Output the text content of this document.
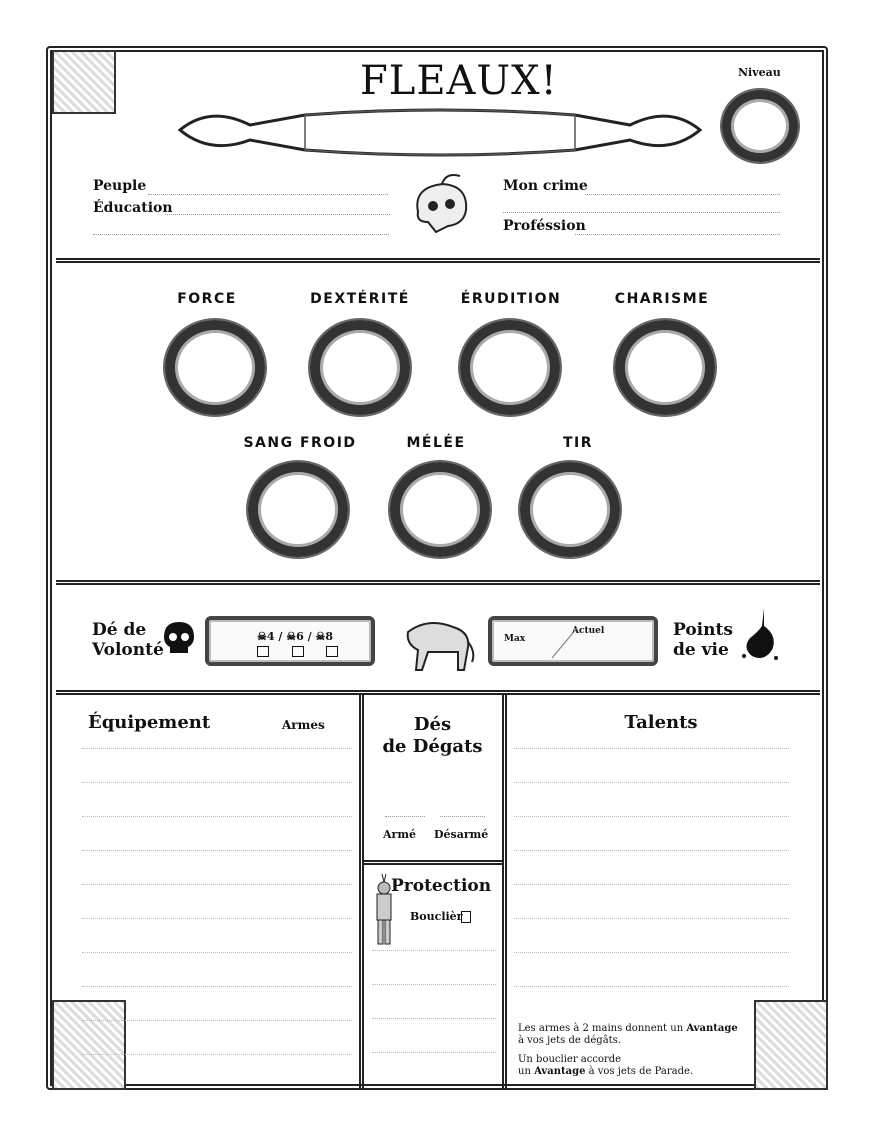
FLEAUX!	Niveau
Peuple
Éducation
Mon crime
Proféssion
FORCE	DEXTÉRITÉ	ÉRUDITION	CHARISME
SANG FROID	MÉLÉE	TIR
Dé de
Volonté
☠4 / ☠6 / ☠8	Max
Actuel	Points
de vie
Équipement	Armes	Dés
de Dégats
Armé Désarmé
Protection
Bouclièr
Talents
Les armes à 2 mains donnent un Avantage
à vos jets de dégâts.
Un bouclier accorde
un Avantage à vos jets de Parade.
